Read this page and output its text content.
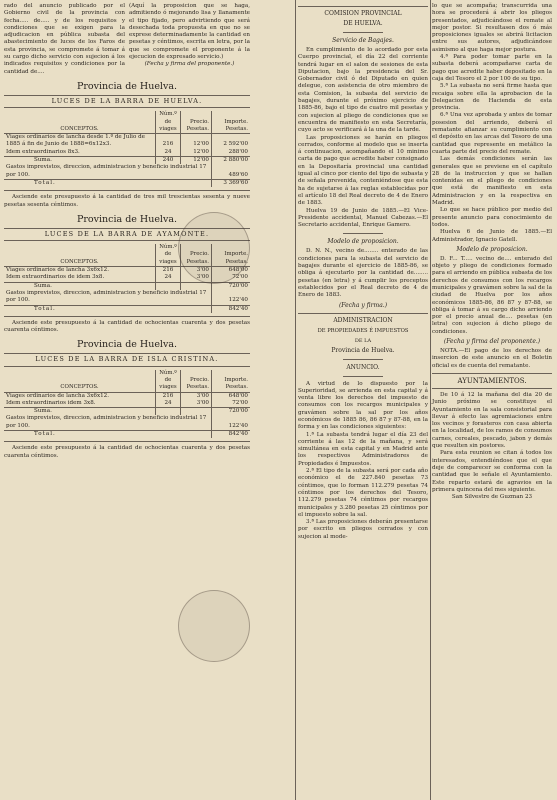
rado del anuncio publicado por el Gobierno civil de la provincia con fecha..... de..... y de los requisitos y condiciones que se exigen para la adjudicacion en pública subasta del abastecimiento de luces de los Faros de esta provincia, se compromete á tomar á su cargo dicho servicio con sujecion á los indicados requisitos y condiciones por la cantidad de....

(Aquí la proposicion que se haga, admitiendo ó mejorando lisa y llanamente el tipo fijado, pero advirtiendo que será desechada toda propuesta en que no se exprese determinadamente la cantidad en pesetas y céntimos, escrita en letra, por la que se compromete el proponente á la ejecucion de expresado servicio.)

(Fecha y firma del proponente.)

Provincia de Huelva.
LUCES DE LA BARRA DE HUELVA.
CONCEPTOS.	Núm.º de viages	Precio. Pesetas.	Importe. Pesetas.
Viages ordinarios de lancha desde 1.º de Julio de 1885 á fin de Junio de 1888=6x12x3.	216	12'00	2 592'00
Idem extraordinarios 8x3.	24	12'00	288'00
Suma.	240	12'00	2 880'00
Gastos imprevistos, direccion, administracion y beneficio industrial 17 por 100.			489'60
Total.			3 369'60

Asciende este presupuesto á la cantidad de tres mil trescientas sesenta y nueve pesetas sesenta céntimos.

Provincia de Huelva.
LUCES DE LA BARRA DE AYAMONTE.
CONCEPTOS.	Núm.º de viages	Precio. Pesetas.	Importe. Pesetas.
Viages ordinarios de lancha 3x6x12.	216	3'00	648'00
Idem extraordinarios de idem 3x8.	24	3'00	72'00
Suma.			720'00
Gastos imprevistos, direccion, administracion y beneficio industrial 17 por 100.			122'40
Total.			842'40

Asciende este presupuesto á la cantidad de ochocientas cuarenta y dos pesetas cuarenta céntimos.

Provincia de Huelva.
LUCES DE LA BARRA DE ISLA CRISTINA.
CONCEPTOS.	Núm.º de viages	Precio. Pesetas.	Importe. Pesetas.
Viages ordinarios de lancha 3x6x12.	216	3'00	648'00
Idem extraordinarios idem 3x8.	24	3'00	72'00
Suma.			720'00
Gastos imprevistos, direccion, administracion y beneficio industrial 17 por 100.			122'40
Total.			842'40

Asciende este presupuesto á la cantidad de ochocientas cuarenta y dos pesetas cuarenta céntimos.

COMISION PROVINCIAL
DE HUELVA.
Servicio de Bagajes.

En cumplimiento de lo acordado por esta Cuerpo provincial, el día 22 del corriente tendrá lugar en el salon de sesiones de esta Diputacion, bajo la presidencia del Sr. Gobernador civil ó del Diputado en quien delegue, con asistencia de otro miembro de esta Comision, la subasta del servicio de bagajes, durante el próximo ejercicio de 1885-86, bajo el tipo de cuatro mil pesetas y con sujecion al pliego de condiciones que se encuentra de manifiesto en esta Secretaría, cuyo acto se verificará á la una de la tarde.

Las proposiciones se harán en pliegos cerrados, conforme al modelo que se inserta á continuacion, acompañando el 10 minimo carta de pago que acredite haber consignado en la Depositaría provincial una cantidad igual al cinco por ciento del tipo de subasta y de señala prevenida, conteniéndose que esta ha de sujetarse á las reglas establecidas por el artículo 18 del Real decreto de 4 de Enero de 1883.

Huelva 19 de Junio de 1885.—El Vice-Presidente accidental, Manuel Cabezas.—El Secretario accidental, Enrique Gamero.

Modelo de proposicion.

D. N. N., vecino de........ enterado de las condiciones para la subasta del servicio de bagajes durante el ejercicio de 1885-86, se obliga á ejecutarlo por la cantidad de........ pesetas (en letra) y á cumplir los preceptos establecidos por el Real decreto de 4 de Enero de 1883.

(Fecha y firma.)
ADMINISTRACION
DE PROPIEDADES É IMPUESTOS
DE LA
Provincia de Huelva.
ANUNCIO.

A virtud de lo dispuesto por la Superioridad, se arrienda en esta capital y á venta libre los derechos del impuesto de consumos con los recargos municipales y gravámen sobre la sal por los años económicos de 1885 86, 86 87 y 87-88, en la forma y en las condiciones siguientes:

1.ª La subasta tendrá lugar el día 23 del corriente á las 12 de la mañana, y será simultánea en esta capital y en Madrid ante los respectivos Administradores de Propiedades é Impuestos.

2.ª El tipo de la subasta será por cada año económico el de 227.840 pesetas 73 céntimos, que lo forman 112.279 pesetas 74 céntimos por los derechos del Tesoro, 112.279 pesetas 74 céntimos por recargos municipales y 3.280 pesetas 25 céntimos por el impuesto sobre la sal.

3.ª Las proposiciones deberán presentarse por escrito en pliegos cerrados y con sujecion al mode-

lo que se acompaña; transcurrida una hora se procederá á abrir los pliegos presentados, adjudicándose el remate al mejor postor. Si resultasen dos ó más proposiciones iguales se abrirá licitacion entre sus autores, adjudicándose asimismo al que haga mejor postura.

4.ª Para poder tomar parte en la subasta deberá acompañarse carta de pago que acredite haber depositado en la caja del Tesoro el 2 por 100 de su tipo.

5.ª La subasta no será firme hasta que recaiga sobre ella la aprobacion de la Delegacion de Hacienda de esta provincia.

6.ª Una vez aprobada y antes de tomar posesion del arriendo, deberá el rematante afianzar su cumplimiento con el depósito en las arcas del Tesoro de una cantidad que represente en metálico la cuarta parte del precio del remate.

Las demás condiciones serán las generales que se previene en el capítulo 28 de la instruccion y que se hallan contenidas en el pliego de condiciones que está de manifiesto en esta Administracion y en la respectiva en Madrid.

Lo que se hace público por medio del presente anuncio para conocimiento de todos.

Huelva 6 de Junio de 1885.—El Administrador, Ignacio Gatell.

Modelo de proposicion.

D. F... T..... vecino de.... enterado del objeto y pliego de condiciones formado para el arriendo en pública subasta de los derechos de consumos con los recargos municipales y gravámen sobre la sal de la ciudad de Huelva por los años económicos 1885-86, 86 87 y 87-88, se obliga á tomar á su cargo dicho arriendo por el precio anual de.... pesetas (en letra) con sujecion á dicho pliego de condiciones.

(Fecha y firma del proponente.)

NOTA.—El pago de los derechos de insercion de este anuncio en el Boletin oficial es de cuenta del rematante.

AYUNTAMIENTOS.

De 10 á 12 la mañana del dia 20 de Junio próximo se constituye el Ayuntamiento en la sala consistorial para llevar á efecto las agremiaciones entre los vecinos y forasteros con casa abierta en la localidad, de los ramos de consumos carnes, cereales, pescado, jabon y demás que resulten sin postores.

Para esta reunion se citan á todos los interesados, entendiéndose que el que deje de comparecer se conforma con la cantidad que le señale el Ayuntamiento. Este reparto estará de agravios en la primera quincena del mes siguiente.

San Silvestre de Guzman 23
